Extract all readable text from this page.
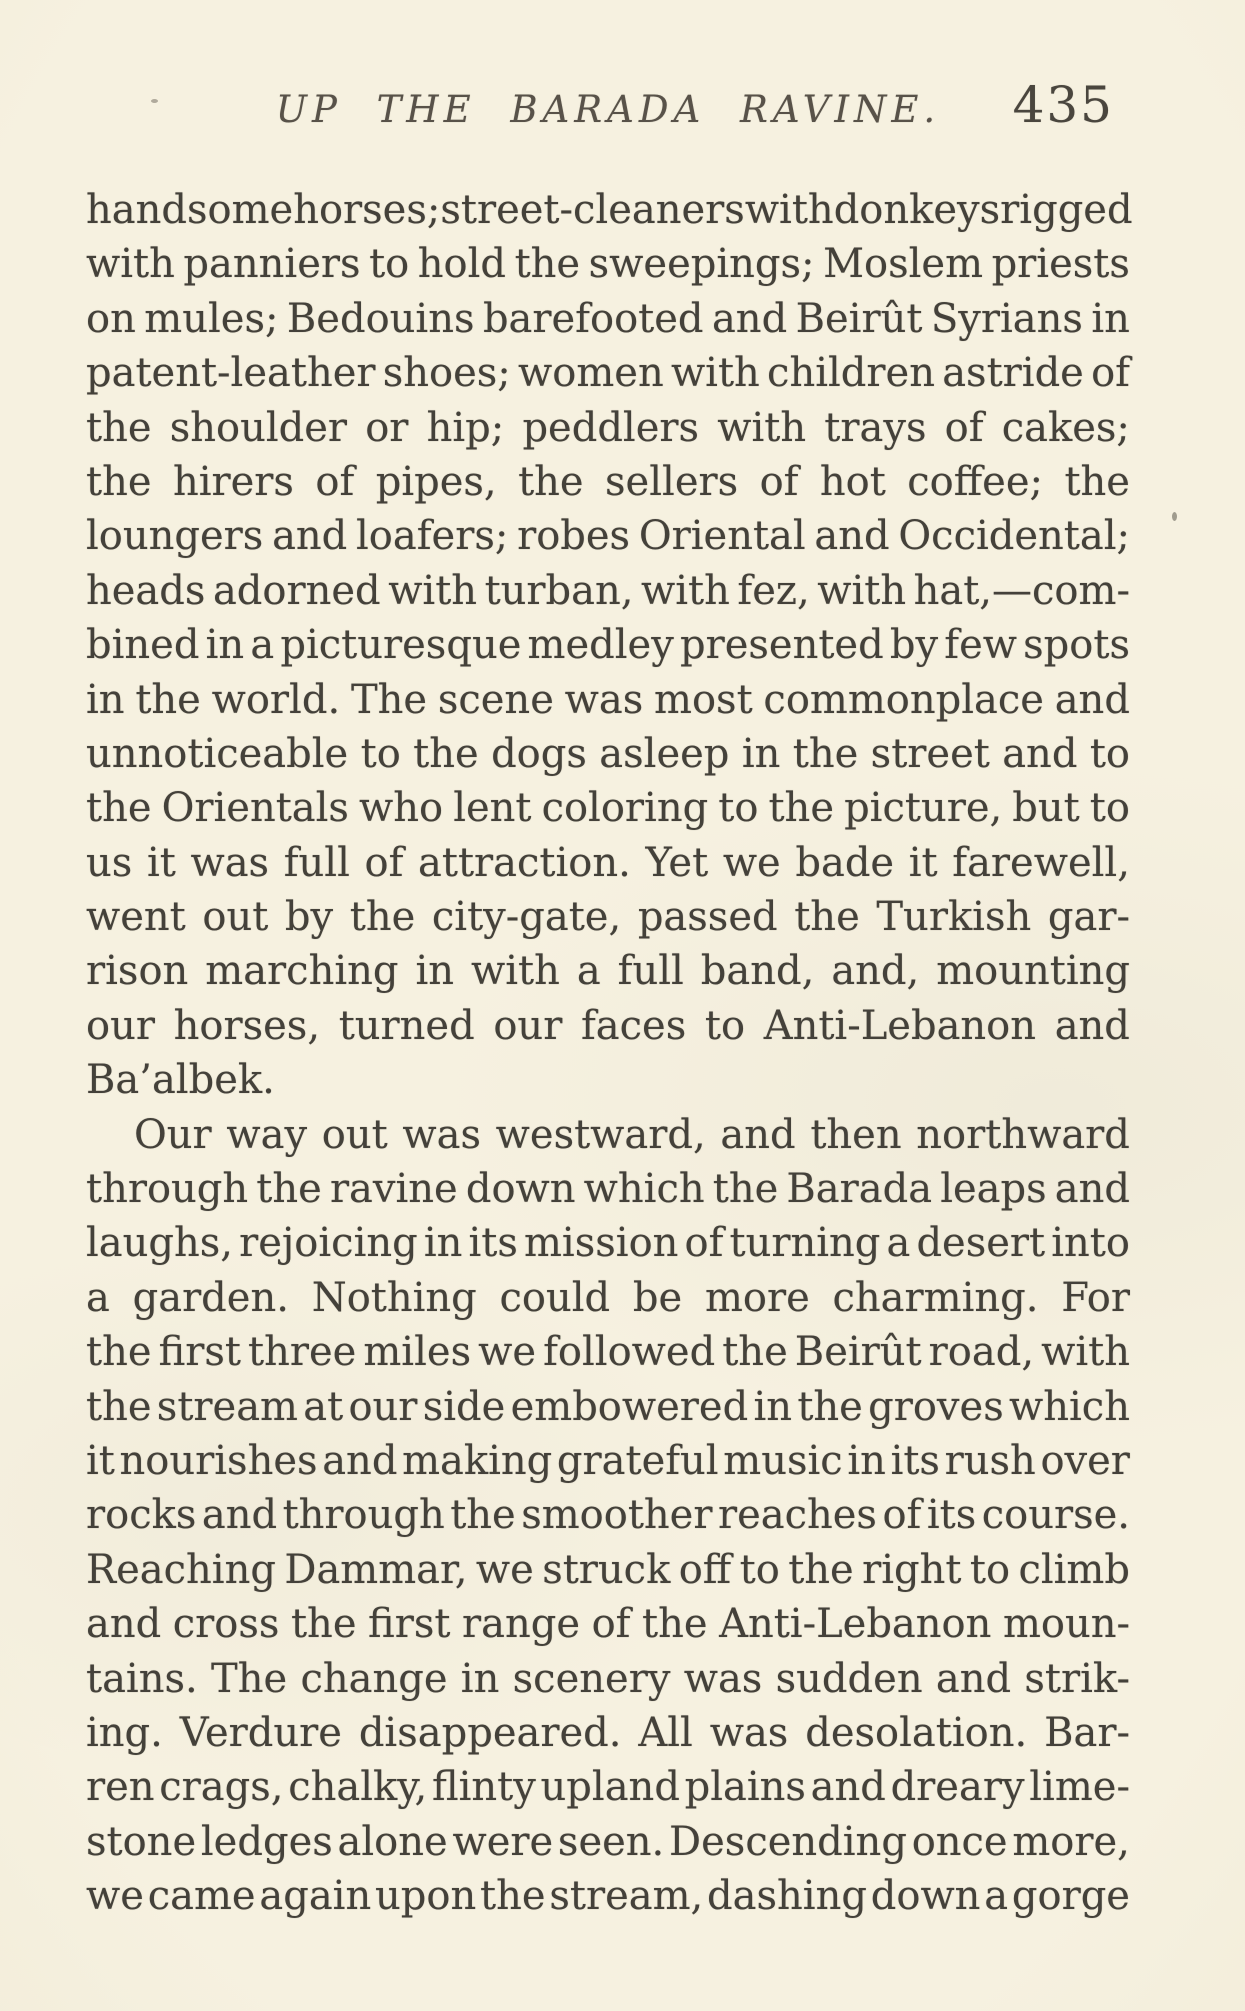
UP THE BARADA RAVINE.	435
handsome horses; street-cleaners with donkeys rigged
with panniers to hold the sweepings; Moslem priests
on mules; Bedouins barefooted and Beirût Syrians in
patent-leather shoes; women with children astride of
the shoulder or hip; peddlers with trays of cakes;
the hirers of pipes, the sellers of hot coffee; the
loungers and loafers; robes Oriental and Occidental;
heads adorned with turban, with fez, with hat,—com-
bined in a picturesque medley presented by few spots
in the world. The scene was most commonplace and
unnoticeable to the dogs asleep in the street and to
the Orientals who lent coloring to the picture, but to
us it was full of attraction. Yet we bade it farewell,
went out by the city-gate, passed the Turkish gar-
rison marching in with a full band, and, mounting
our horses, turned our faces to Anti-Lebanon and
Ba’albek.
Our way out was westward, and then northward
through the ravine down which the Barada leaps and
laughs, rejoicing in its mission of turning a desert into
a garden. Nothing could be more charming. For
the first three miles we followed the Beirût road, with
the stream at our side embowered in the groves which
it nourishes and making grateful music in its rush over
rocks and through the smoother reaches of its course.
Reaching Dammar, we struck off to the right to climb
and cross the first range of the Anti-Lebanon moun-
tains. The change in scenery was sudden and strik-
ing. Verdure disappeared. All was desolation. Bar-
ren crags, chalky, flinty upland plains and dreary lime-
stone ledges alone were seen. Descending once more,
we came again upon the stream, dashing down a gorge
